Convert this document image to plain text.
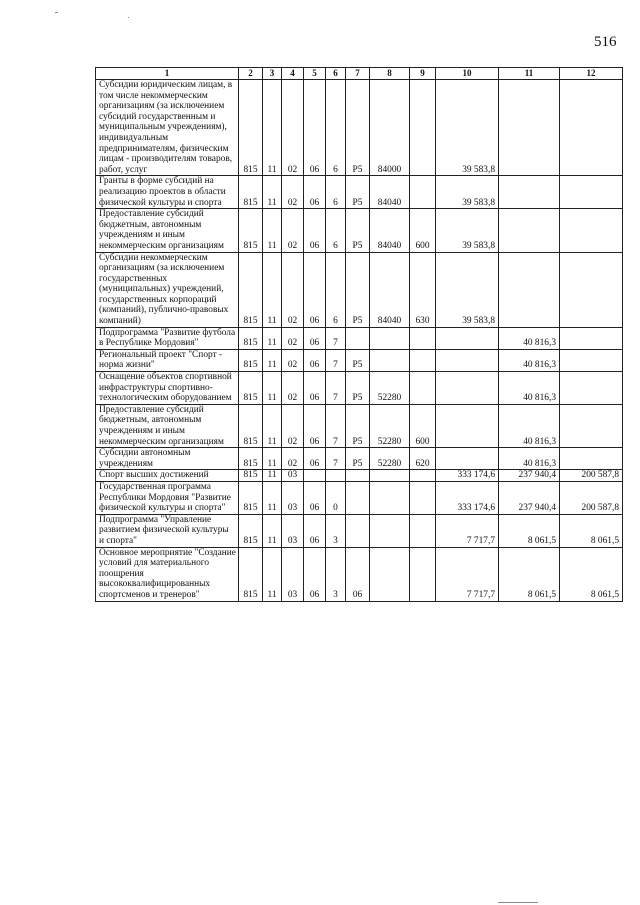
516
1	2	3	4	5	6	7	8	9	10	11	12
Субсидии юридическим лицам, в том числе некоммерческим организациям (за исключением субсидий государственным и муниципальным учреждениям), индивидуальным предпринимателям, физическим лицам - производителям товаров, работ, услуг	815	11	02	06	6	P5	84000		39 583,8		
Гранты в форме субсидий на реализацию проектов в области физической культуры и спорта	815	11	02	06	6	P5	84040		39 583,8		
Предоставление субсидий бюджетным, автономным учреждениям и иным некоммерческим организациям	815	11	02	06	6	P5	84040	600	39 583,8		
Субсидии некоммерческим организациям (за исключением государственных (муниципальных) учреждений, государственных корпораций (компаний), публично-правовых компаний)	815	11	02	06	6	P5	84040	630	39 583,8		
Подпрограмма "Развитие футбола в Республике Мордовия"	815	11	02	06	7					40 816,3	
Региональный проект "Спорт - норма жизни"	815	11	02	06	7	P5				40 816,3	
Оснащение объектов спортивной инфраструктуры спортивно-технологическим оборудованием	815	11	02	06	7	P5	52280			40 816,3	
Предоставление субсидий бюджетным, автономным учреждениям и иным некоммерческим организациям	815	11	02	06	7	P5	52280	600		40 816,3	
Субсидии автономным учреждениям	815	11	02	06	7	P5	52280	620		40 816,3	
Спорт высших достижений	815	11	03						333 174,6	237 940,4	200 587,8
Государственная программа Республики Мордовия "Развитие физической культуры и спорта"	815	11	03	06	0				333 174,6	237 940,4	200 587,8
Подпрограмма "Управление развитием физической культуры и спорта"	815	11	03	06	3				7 717,7	8 061,5	8 061,5
Основное мероприятие "Создание условий для материального поощрения высококвалифицированных спортсменов и тренеров"	815	11	03	06	3	06			7 717,7	8 061,5	8 061,5
